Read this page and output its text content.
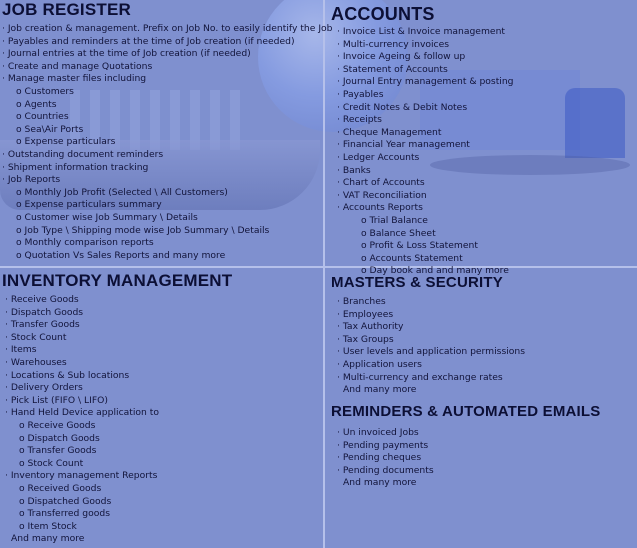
JOB REGISTER
· Job creation & management. Prefix on Job No. to easily identify the Job
· Payables and reminders at the time of Job creation (if needed)
· Journal entries at the time of Job creation (if needed)
· Create and manage Quotations
· Manage master files including
o Customers
o Agents
o Countries
o Sea\Air Ports
o Expense particulars
· Outstanding document reminders
· Shipment information tracking
· Job Reports
o Monthly Job Profit (Selected \ All Customers)
o Expense particulars summary
o Customer wise Job Summary \ Details
o Job Type \ Shipping mode wise Job Summary \ Details
o Monthly comparison reports
o Quotation Vs Sales Reports and many more
ACCOUNTS
· Invoice List & Invoice management
· Multi-currency invoices
· Invoice Ageing & follow up
· Statement of Accounts
· Journal Entry management & posting
· Payables
· Credit Notes & Debit Notes
· Receipts
· Cheque Management
· Financial Year management
· Ledger Accounts
· Banks
· Chart of Accounts
· VAT Reconciliation
· Accounts Reports
o Trial Balance
o Balance Sheet
o Profit & Loss Statement
o Accounts Statement
o Day book and and many more
INVENTORY MANAGEMENT
· Receive Goods
· Dispatch Goods
· Transfer Goods
· Stock Count
· Items
· Warehouses
· Locations & Sub locations
· Delivery Orders
· Pick List (FIFO \ LIFO)
· Hand Held Device application to
o Receive Goods
o Dispatch Goods
o Transfer Goods
o Stock Count
· Inventory management Reports
o Received Goods
o Dispatched Goods
o Transferred goods
o Item Stock
And many more
MASTERS & SECURITY
· Branches
· Employees
· Tax Authority
· Tax Groups
· User levels and application permissions
· Application users
· Multi-currency and exchange rates
And many more
REMINDERS & AUTOMATED EMAILS
· Un invoiced Jobs
· Pending payments
· Pending cheques
· Pending documents
And many more
